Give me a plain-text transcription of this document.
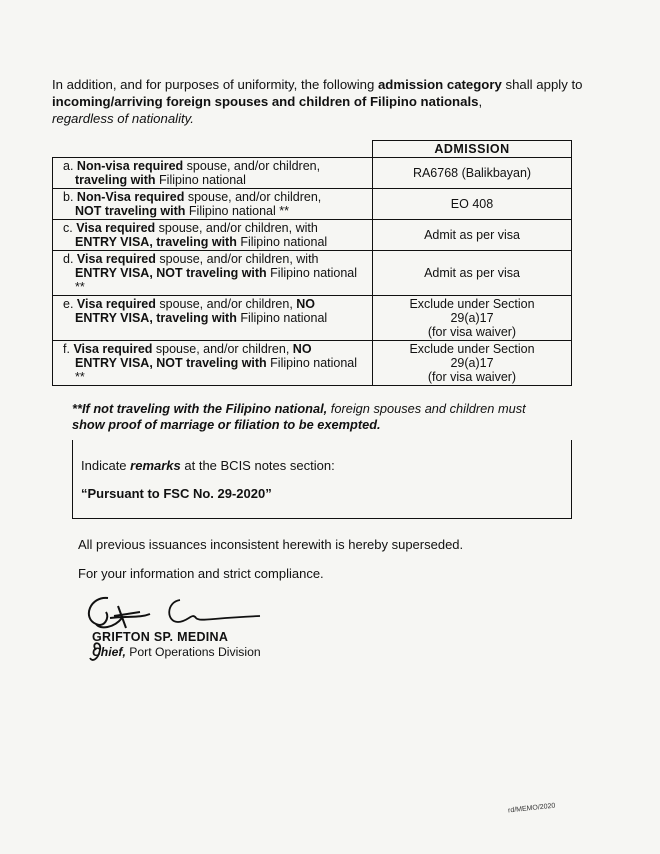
In addition, and for purposes of uniformity, the following admission category shall apply to incoming/arriving foreign spouses and children of Filipino nationals,
regardless of nationality.
	ADMISSION

a. Non-visa required spouse, and/or children,
traveling with Filipino national	RA6768 (Balikbayan)

b. Non-Visa required spouse, and/or children,
NOT traveling with Filipino national **	EO 408

c. Visa required spouse, and/or children, with
ENTRY VISA, traveling with Filipino national	Admit as per visa

d. Visa required spouse, and/or children, with
ENTRY VISA, NOT traveling with Filipino national **	Admit as per visa

e. Visa required spouse, and/or children, NO
ENTRY VISA, traveling with Filipino national	Exclude under Section
29(a)17
(for visa waiver)

f. Visa required spouse, and/or children, NO
ENTRY VISA, NOT traveling with Filipino national **	Exclude under Section
29(a)17
(for visa waiver)
**If not traveling with the Filipino national, foreign spouses and children must
show proof of marriage or filiation to be exempted.
Indicate remarks at the BCIS notes section:
“Pursuant to FSC No. 29-2020”
All previous issuances inconsistent herewith is hereby superseded.
For your information and strict compliance.
GRIFTON SP. MEDINA
Chief, Port Operations Division
rd/MEMO/2020
